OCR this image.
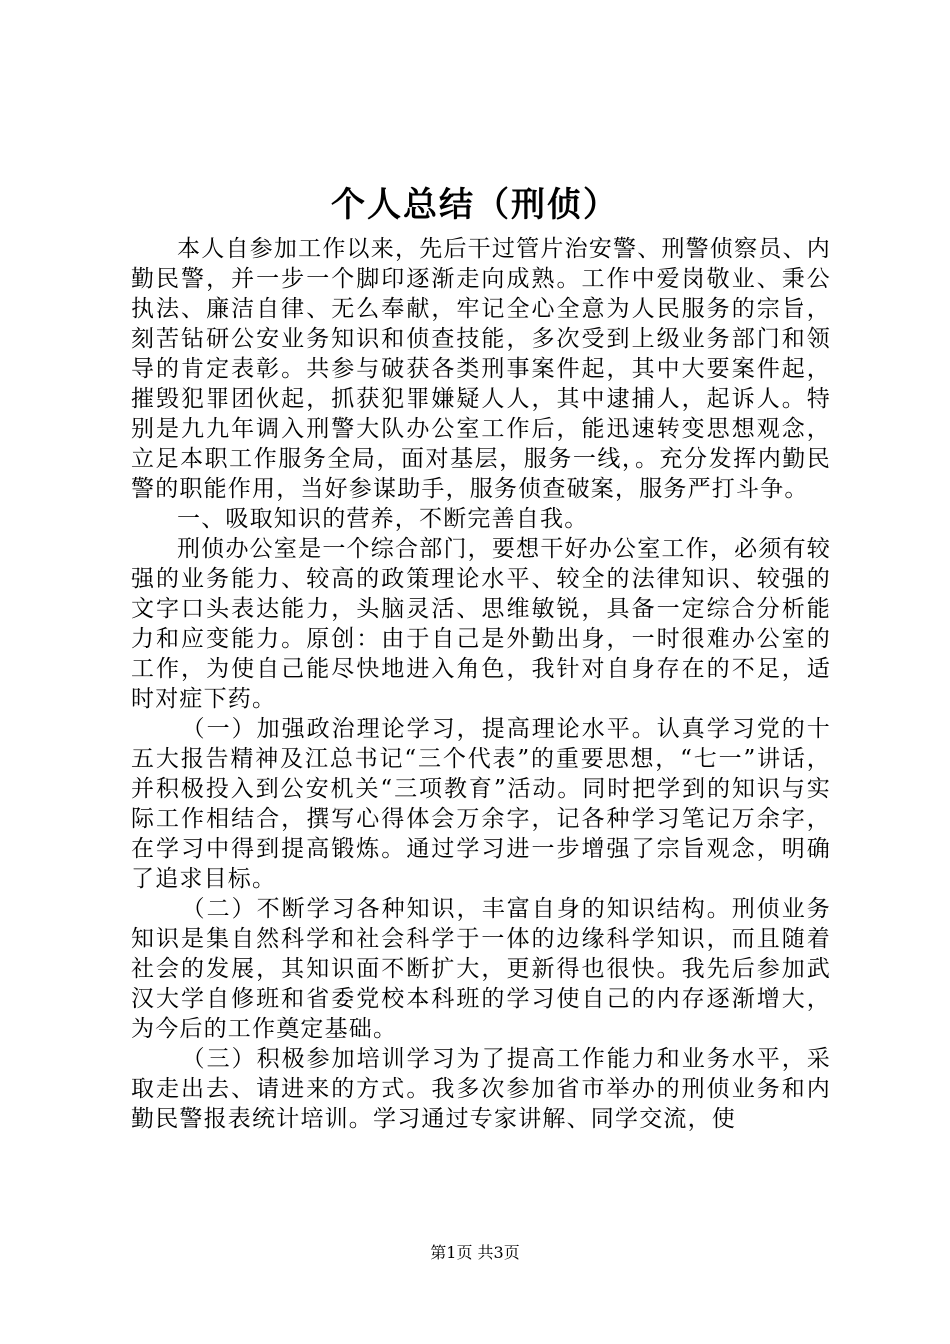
个人总结（刑侦）

本人自参加工作以来，先后干过管片治安警、刑警侦察员、内勤民警，并一步一个脚印逐渐走向成熟。工作中爱岗敬业、秉公执法、廉洁自律、无么奉献，牢记全心全意为人民服务的宗旨，刻苦钻研公安业务知识和侦查技能，多次受到上级业务部门和领导的肯定表彰。共参与破获各类刑事案件起，其中大要案件起，摧毁犯罪团伙起，抓获犯罪嫌疑人人，其中逮捕人，起诉人。特别是九九年调入刑警大队办公室工作后，能迅速转变思想观念，立足本职工作服务全局，面对基层，服务一线，。充分发挥内勤民警的职能作用，当好参谋助手，服务侦查破案，服务严打斗争。

一、吸取知识的营养，不断完善自我。

刑侦办公室是一个综合部门，要想干好办公室工作，必须有较强的业务能力、较高的政策理论水平、较全的法律知识、较强的文字口头表达能力，头脑灵活、思维敏锐，具备一定综合分析能力和应变能力。原创：由于自己是外勤出身，一时很难办公室的工作，为使自己能尽快地进入角色，我针对自身存在的不足，适时对症下药。

（一）加强政治理论学习，提高理论水平。认真学习党的十五大报告精神及江总书记“三个代表”的重要思想，“七一”讲话，并积极投入到公安机关“三项教育”活动。同时把学到的知识与实际工作相结合，撰写心得体会万余字，记各种学习笔记万余字，在学习中得到提高锻炼。通过学习进一步增强了宗旨观念，明确了追求目标。

（二）不断学习各种知识，丰富自身的知识结构。刑侦业务知识是集自然科学和社会科学于一体的边缘科学知识，而且随着社会的发展，其知识面不断扩大，更新得也很快。我先后参加武汉大学自修班和省委党校本科班的学习使自己的内存逐渐增大，为今后的工作奠定基础。

（三）积极参加培训学习为了提高工作能力和业务水平，采取走出去、请进来的方式。我多次参加省市举办的刑侦业务和内勤民警报表统计培训。学习通过专家讲解、同学交流，使

第1页 共3页
